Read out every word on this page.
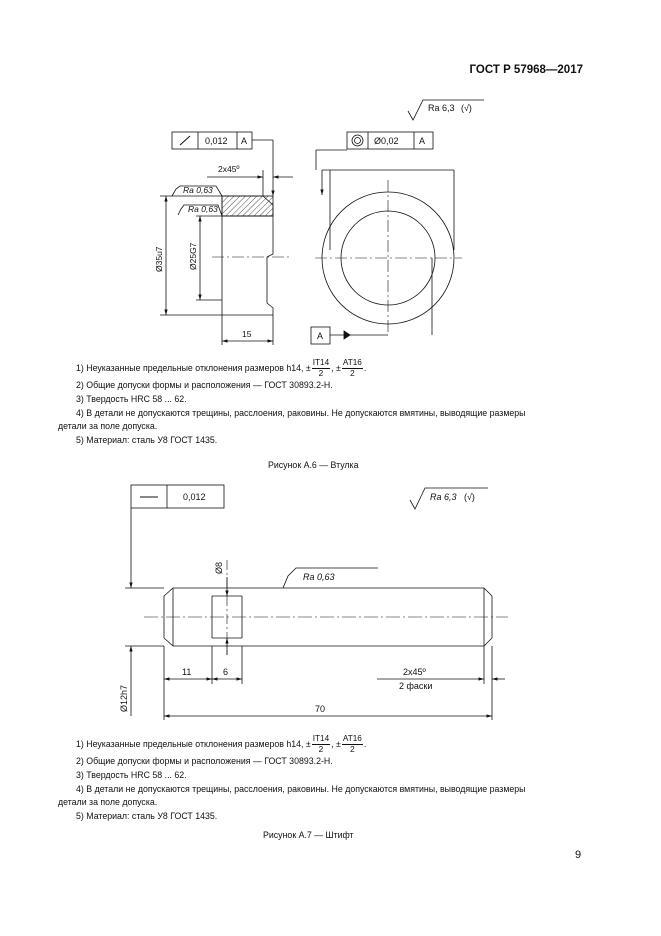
ГОСТ Р 57968—2017
Ra 6,3 (√)
0,012 A	Ø0,02 A
2x45º
Ra 0,63
Ra 0,63
Ø35u7	Ø25G7
15	A
0,012	Ra 6,3 (√)
Ra 0,63
Ø8
Ø12h7
11	6	2x45º
2 фаски
70
1) Неуказанные предельные отклонения размеров h14, ± $\frac{IT14}{2}$ , ± $\frac{AT16}{2}$ .
2) Общие допуски формы и расположения — ГОСТ 30893.2-Н.
3) Твердость HRC 58 ... 62.
4) В детали не допускаются трещины, расслоения, раковины. Не допускаются вмятины, выводящие размеры
детали за поле допуска.
5) Материал: сталь У8 ГОСТ 1435.
Рисунок А.6 — Втулка
1) Неуказанные предельные отклонения размеров h14, ± $\frac{IT14}{2}$ , ± $\frac{AT16}{2}$ .
2) Общие допуски формы и расположения — ГОСТ 30893.2-Н.
3) Твердость HRC 58 ... 62.
4) В детали не допускаются трещины, расслоения, раковины. Не допускаются вмятины, выводящие размеры
детали за поле допуска.
5) Материал: сталь У8 ГОСТ 1435.
Рисунок А.7 — Штифт
9
